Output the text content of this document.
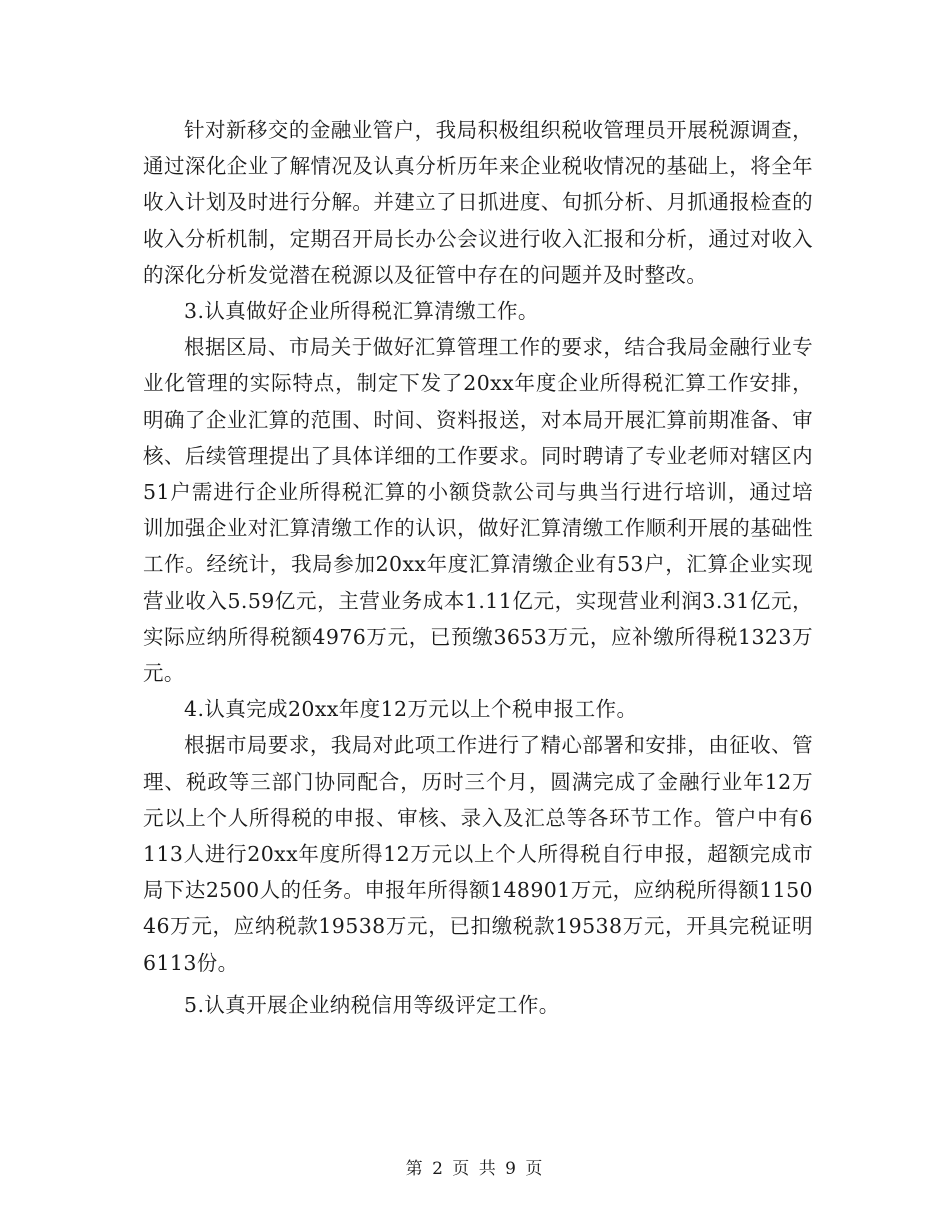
针对新移交的金融业管户，我局积极组织税收管理员开展税源调查，通过深化企业了解情况及认真分析历年来企业税收情况的基础上，将全年收入计划及时进行分解。并建立了日抓进度、旬抓分析、月抓通报检查的收入分析机制，定期召开局长办公会议进行收入汇报和分析，通过对收入的深化分析发觉潜在税源以及征管中存在的问题并及时整改。

3.认真做好企业所得税汇算清缴工作。

根据区局、市局关于做好汇算管理工作的要求，结合我局金融行业专业化管理的实际特点，制定下发了20xx年度企业所得税汇算工作安排，明确了企业汇算的范围、时间、资料报送，对本局开展汇算前期准备、审核、后续管理提出了具体详细的工作要求。同时聘请了专业老师对辖区内51户需进行企业所得税汇算的小额贷款公司与典当行进行培训，通过培训加强企业对汇算清缴工作的认识，做好汇算清缴工作顺利开展的基础性工作。经统计，我局参加20xx年度汇算清缴企业有53户，汇算企业实现营业收入5.59亿元，主营业务成本1.11亿元，实现营业利润3.31亿元，实际应纳所得税额4976万元，已预缴3653万元，应补缴所得税1323万元。

4.认真完成20xx年度12万元以上个税申报工作。

根据市局要求，我局对此项工作进行了精心部署和安排，由征收、管理、税政等三部门协同配合，历时三个月，圆满完成了金融行业年12万元以上个人所得税的申报、审核、录入及汇总等各环节工作。管户中有6113人进行20xx年度所得12万元以上个人所得税自行申报，超额完成市局下达2500人的任务。申报年所得额148901万元，应纳税所得额115046万元，应纳税款19538万元，已扣缴税款19538万元，开具完税证明6113份。

5.认真开展企业纳税信用等级评定工作。

第 2 页 共 9 页
